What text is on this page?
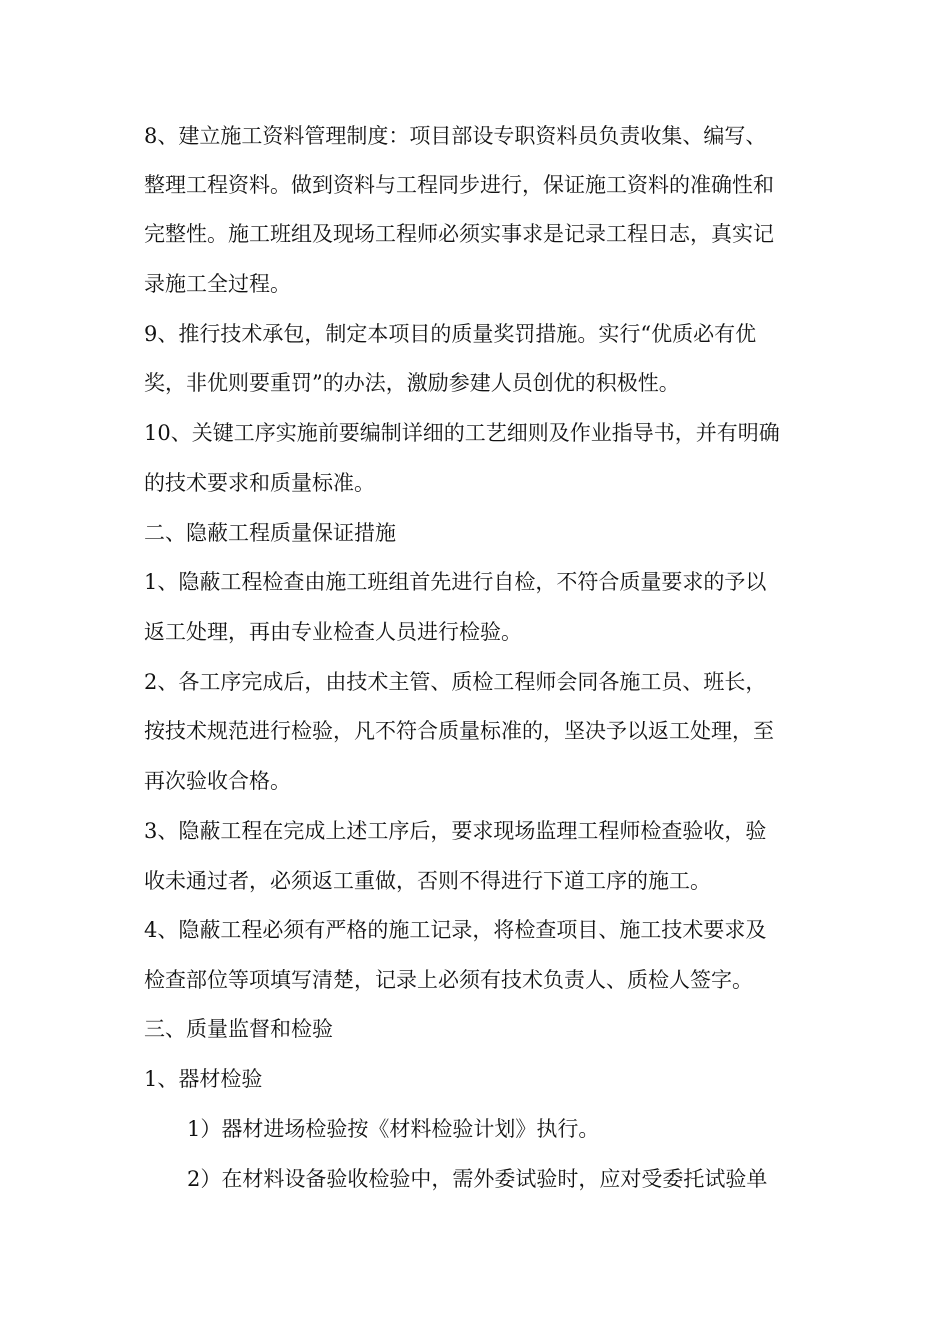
8、建立施工资料管理制度：项目部设专职资料员负责收集、编写、
整理工程资料。做到资料与工程同步进行，保证施工资料的准确性和
完整性。施工班组及现场工程师必须实事求是记录工程日志，真实记
录施工全过程。
9、推行技术承包，制定本项目的质量奖罚措施。实行“优质必有优
奖，非优则要重罚”的办法，激励参建人员创优的积极性。
10、关键工序实施前要编制详细的工艺细则及作业指导书，并有明确
的技术要求和质量标准。
二、隐蔽工程质量保证措施
1、隐蔽工程检查由施工班组首先进行自检，不符合质量要求的予以
返工处理，再由专业检查人员进行检验。
2、各工序完成后，由技术主管、质检工程师会同各施工员、班长，
按技术规范进行检验，凡不符合质量标准的，坚决予以返工处理，至
再次验收合格。
3、隐蔽工程在完成上述工序后，要求现场监理工程师检查验收，验
收未通过者，必须返工重做，否则不得进行下道工序的施工。
4、隐蔽工程必须有严格的施工记录，将检查项目、施工技术要求及
检查部位等项填写清楚，记录上必须有技术负责人、质检人签字。
三、质量监督和检验
1、器材检验
1）器材进场检验按《材料检验计划》执行。
2）在材料设备验收检验中，需外委试验时，应对受委托试验单
